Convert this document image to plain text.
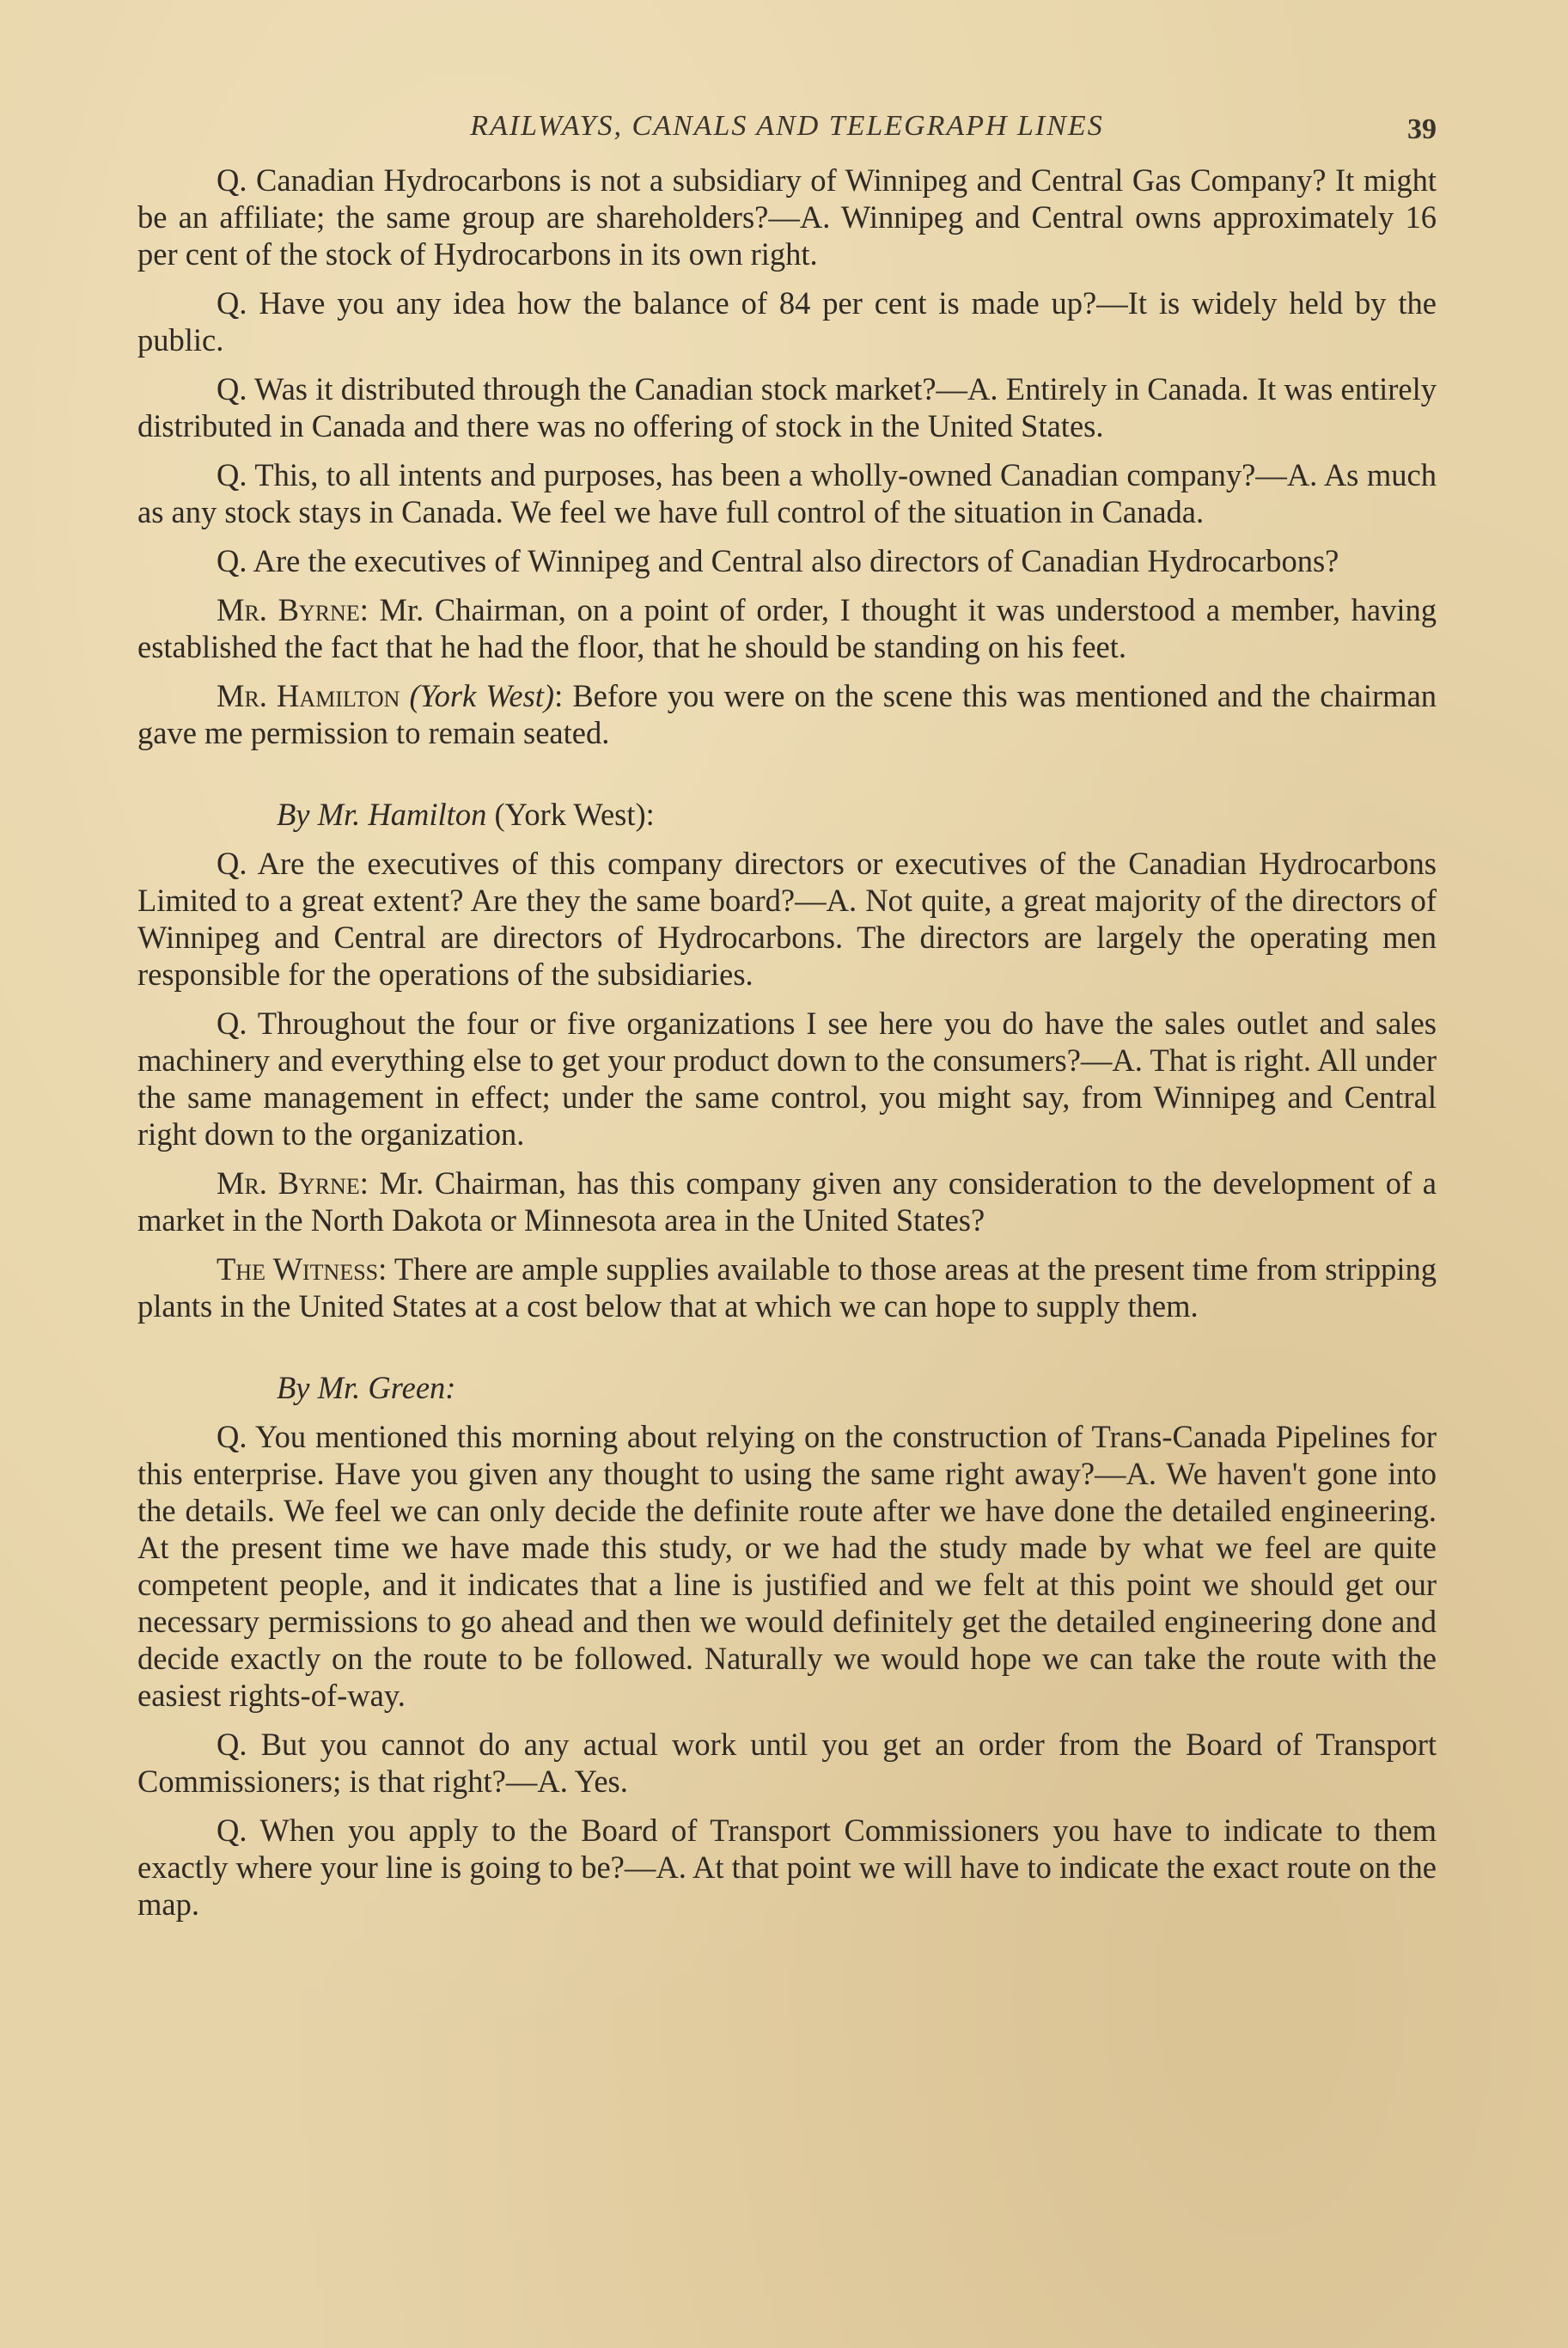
RAILWAYS, CANALS AND TELEGRAPH LINES	39

Q. Canadian Hydrocarbons is not a subsidiary of Winnipeg and Central Gas Company? It might be an affiliate; the same group are shareholders?—A. Winnipeg and Central owns approximately 16 per cent of the stock of Hydrocarbons in its own right.

Q. Have you any idea how the balance of 84 per cent is made up?—It is widely held by the public.

Q. Was it distributed through the Canadian stock market?—A. Entirely in Canada. It was entirely distributed in Canada and there was no offering of stock in the United States.

Q. This, to all intents and purposes, has been a wholly-owned Canadian company?—A. As much as any stock stays in Canada. We feel we have full control of the situation in Canada.

Q. Are the executives of Winnipeg and Central also directors of Canadian Hydrocarbons?

Mr. Byrne: Mr. Chairman, on a point of order, I thought it was understood a member, having established the fact that he had the floor, that he should be standing on his feet.

Mr. Hamilton (York West): Before you were on the scene this was mentioned and the chairman gave me permission to remain seated.

By Mr. Hamilton (York West):

Q. Are the executives of this company directors or executives of the Canadian Hydrocarbons Limited to a great extent? Are they the same board?—A. Not quite, a great majority of the directors of Winnipeg and Central are directors of Hydrocarbons. The directors are largely the operating men responsible for the operations of the subsidiaries.

Q. Throughout the four or five organizations I see here you do have the sales outlet and sales machinery and everything else to get your product down to the consumers?—A. That is right. All under the same management in effect; under the same control, you might say, from Winnipeg and Central right down to the organization.

Mr. Byrne: Mr. Chairman, has this company given any consideration to the development of a market in the North Dakota or Minnesota area in the United States?

The Witness: There are ample supplies available to those areas at the present time from stripping plants in the United States at a cost below that at which we can hope to supply them.

By Mr. Green:

Q. You mentioned this morning about relying on the construction of Trans-Canada Pipelines for this enterprise. Have you given any thought to using the same right away?—A. We haven't gone into the details. We feel we can only decide the definite route after we have done the detailed engineering. At the present time we have made this study, or we had the study made by what we feel are quite competent people, and it indicates that a line is justified and we felt at this point we should get our necessary permissions to go ahead and then we would definitely get the detailed engineering done and decide exactly on the route to be followed. Naturally we would hope we can take the route with the easiest rights-of-way.

Q. But you cannot do any actual work until you get an order from the Board of Transport Commissioners; is that right?—A. Yes.

Q. When you apply to the Board of Transport Commissioners you have to indicate to them exactly where your line is going to be?—A. At that point we will have to indicate the exact route on the map.
